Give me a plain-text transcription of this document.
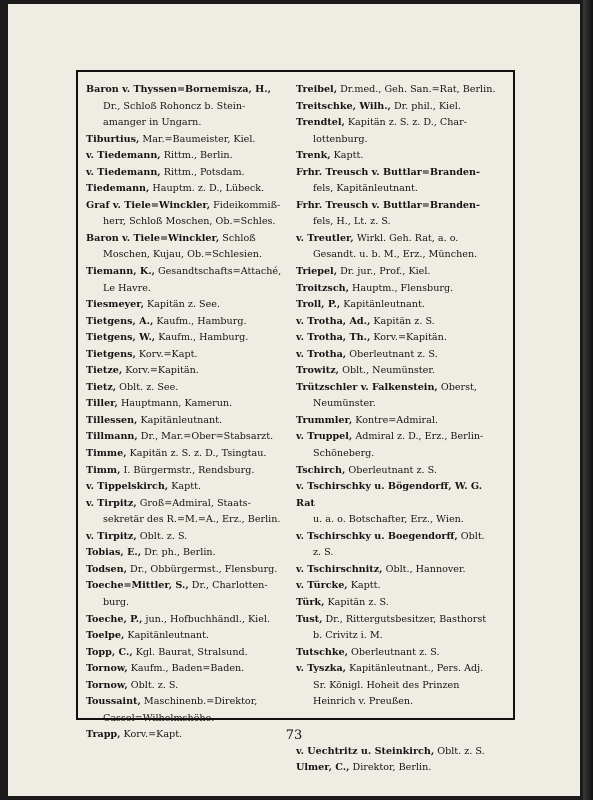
Baron v. Thyssen=Bornemisza, H.,
Dr., Schloß Rohoncz b. Stein-
amanger in Ungarn.
Tiburtius, Mar.=Baumeister, Kiel.
v. Tiedemann, Rittm., Berlin.
v. Tiedemann, Rittm., Potsdam.
Tiedemann, Hauptm. z. D., Lübeck.
Graf v. Tiele=Winckler, Fideikommiß-
herr, Schloß Moschen, Ob.=Schles.
Baron v. Tiele=Winckler, Schloß
Moschen, Kujau, Ob.=Schlesien.
Tiemann, K., Gesandtschafts=Attaché,
Le Havre.
Tiesmeyer, Kapitän z. See.
Tietgens, A., Kaufm., Hamburg.
Tietgens, W., Kaufm., Hamburg.
Tietgens, Korv.=Kapt.
Tietze, Korv.=Kapitän.
Tietz, Oblt. z. See.
Tiller, Hauptmann, Kamerun.
Tillessen, Kapitänleutnant.
Tillmann, Dr., Mar.=Ober=Stabsarzt.
Timme, Kapitän z. S. z. D., Tsingtau.
Timm, I. Bürgermstr., Rendsburg.
v. Tippelskirch, Kaptt.
v. Tirpitz, Groß=Admiral, Staats-
sekretär des R.=M.=A., Erz., Berlin.
v. Tirpitz, Oblt. z. S.
Tobias, E., Dr. ph., Berlin.
Todsen, Dr., Obbürgermst., Flensburg.
Toeche=Mittler, S., Dr., Charlotten-
burg.
Toeche, P., jun., Hofbuchhändl., Kiel.
Toelpe, Kapitänleutnant.
Topp, C., Kgl. Baurat, Stralsund.
Tornow, Kaufm., Baden=Baden.
Tornow, Oblt. z. S.
Toussaint, Maschinenb.=Direktor,
Cassel=Wilhelmshöhe.
Trapp, Korv.=Kapt.
Treibel, Dr.med., Geh. San.=Rat, Berlin.
Treitschke, Wilh., Dr. phil., Kiel.
Trendtel, Kapitän z. S. z. D., Char-
lottenburg.
Trenk, Kaptt.
Frhr. Treusch v. Buttlar=Branden-
fels, Kapitänleutnant.
Frhr. Treusch v. Buttlar=Branden-
fels, H., Lt. z. S.
v. Treutler, Wirkl. Geh. Rat, a. o.
Gesandt. u. b. M., Erz., München.
Triepel, Dr. jur., Prof., Kiel.
Troitzsch, Hauptm., Flensburg.
Troll, P., Kapitänleutnant.
v. Trotha, Ad., Kapitän z. S.
v. Trotha, Th., Korv.=Kapitän.
v. Trotha, Oberleutnant z. S.
Trowitz, Oblt., Neumünster.
Trützschler v. Falkenstein, Oberst,
Neumünster.
Trummler, Kontre=Admiral.
v. Truppel, Admiral z. D., Erz., Berlin-
Schöneberg.
Tschirch, Oberleutnant z. S.
v. Tschirschky u. Bögendorff, W. G. Rat
u. a. o. Botschafter, Erz., Wien.
v. Tschirschky u. Boegendorff, Oblt.
z. S.
v. Tschirschnitz, Oblt., Hannover.
v. Türcke, Kaptt.
Türk, Kapitän z. S.
Tust, Dr., Rittergutsbesitzer, Basthorst
b. Crivitz i. M.
Tutschke, Oberleutnant z. S.
v. Tyszka, Kapitänleutnant., Pers. Adj.
Sr. Königl. Hoheit des Prinzen
Heinrich v. Preußen.

v. Uechtritz u. Steinkirch, Oblt. z. S.
Ulmer, C., Direktor, Berlin.
73
